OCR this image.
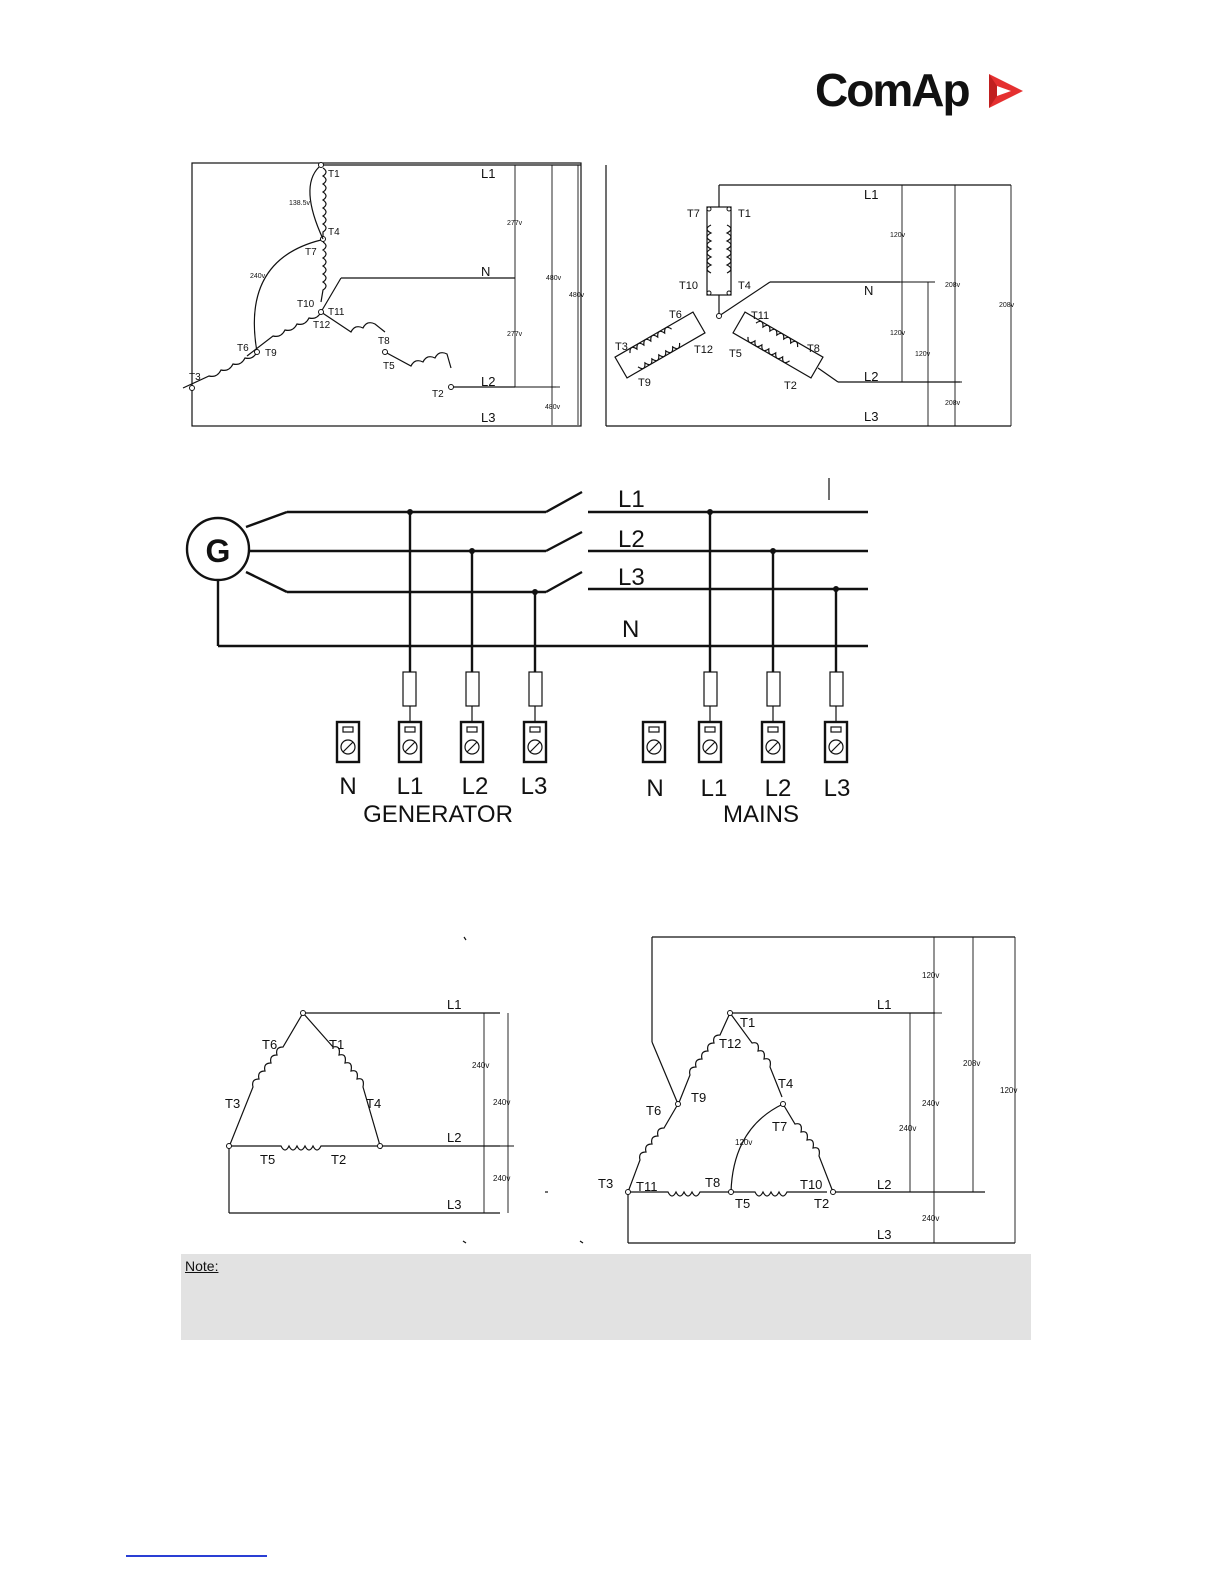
ComAp
L1
N
L2
L3
T1
T4
T7
T10
T11
T12
T8
T5
T2
T3
T6 T9
138.5v
240v
277v
277v
480v
480v
480v
L1
N
L2
L3
T7	T1
T10	T4
T6	T11
T3	T12	T8
T5
T9	T2
120v
120v
120v
208v
208v
208v
G
L1
L2
L3
N
N L1 L2 L3	N L1 L2 L3
GENERATOR	MAINS
L1
L2
L3
T6	T1
T3	T4
T5	T2
240v
240v
240v
L1
L2
L3
T1
T12
T9
T4
T6
T7
T3 T11	T8	T10
T5	T2
120v
120v
240v
240v
208v
120v
240v
Note:
